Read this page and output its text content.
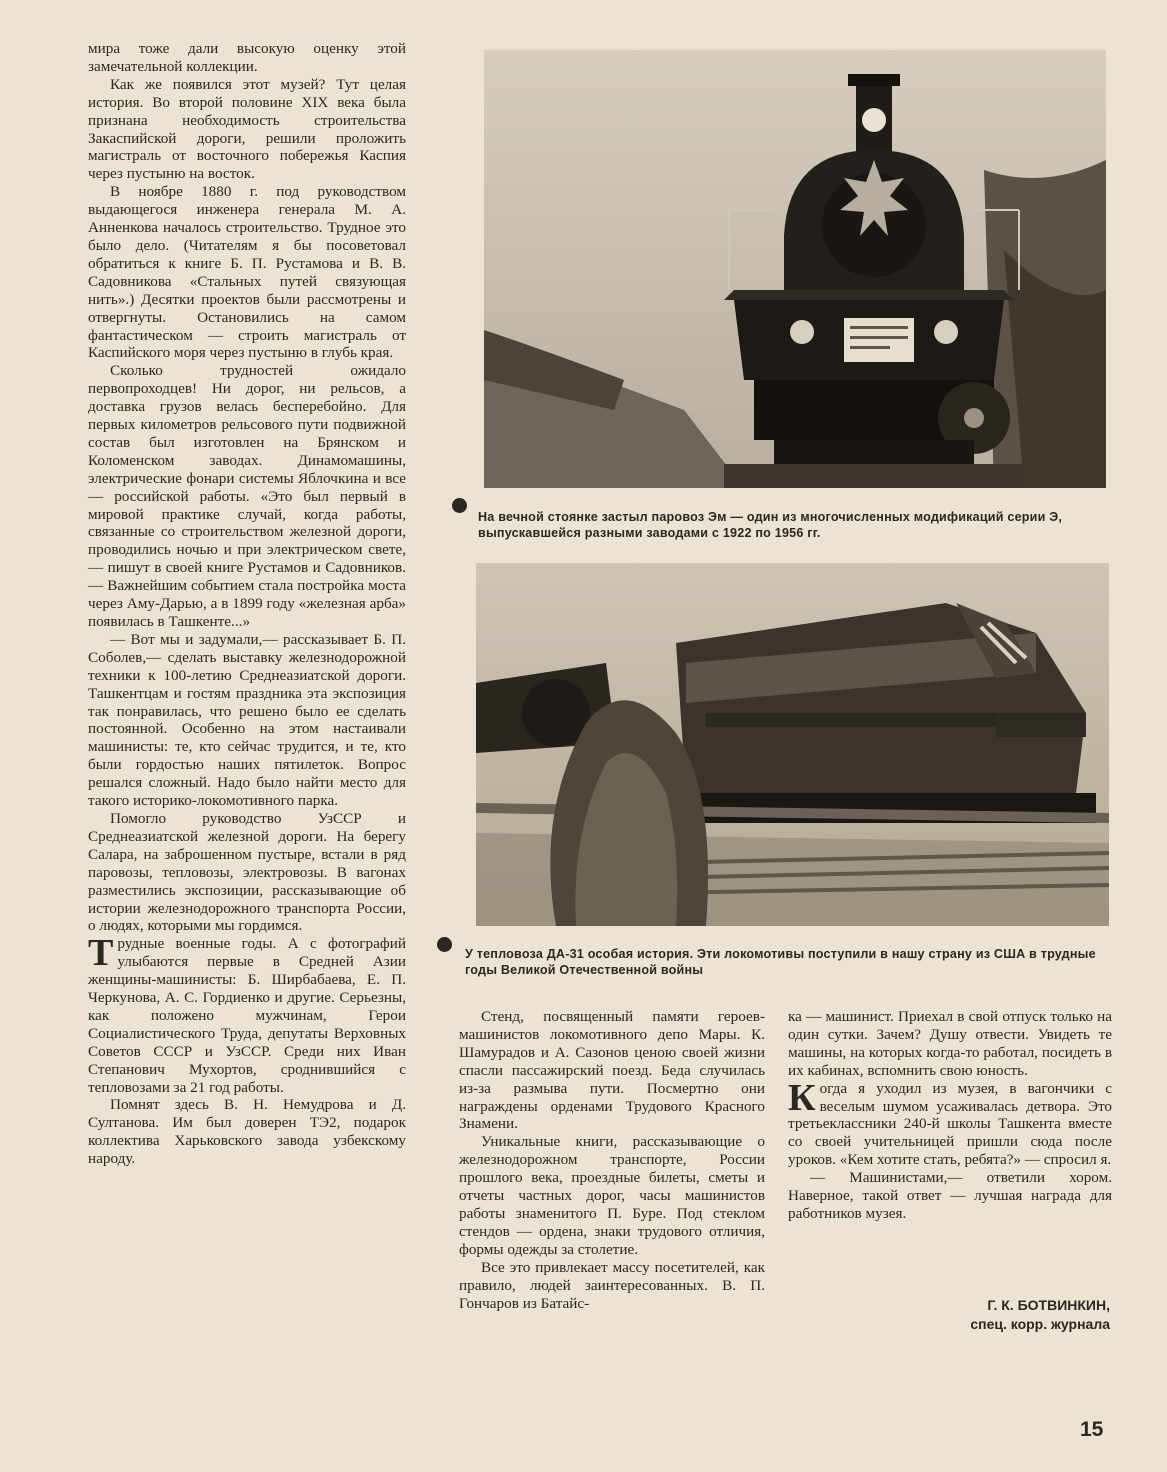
мира тоже дали высокую оценку этой замечательной коллекции.

Как же появился этот музей? Тут целая история. Во второй половине XIX века была признана необходимость строительства Закаспийской дороги, решили проложить магистраль от восточного побережья Каспия через пустыню на восток.

В ноябре 1880 г. под руководством выдающегося инженера генерала М. А. Анненкова началось строительство. Трудное это было дело. (Читателям я бы посоветовал обратиться к книге Б. П. Рустамова и В. В. Садовникова «Стальных путей связующая нить».) Десятки проектов были рассмотрены и отвергнуты. Остановились на самом фантастическом — строить магистраль от Каспийского моря через пустыню в глубь края.

Сколько трудностей ожидало первопроходцев! Ни дорог, ни рельсов, а доставка грузов велась бесперебойно. Для первых километров рельсового пути подвижной состав был изготовлен на Брянском и Коломенском заводах. Динамомашины, электрические фонари системы Яблочкина и все — российской работы. «Это был первый в мировой практике случай, когда работы, связанные со строительством железной дороги, проводились ночью и при электрическом свете,— пишут в своей книге Рустамов и Садовников.— Важнейшим событием стала постройка моста через Аму-Дарью, а в 1899 году «железная арба» появилась в Ташкенте...»

— Вот мы и задумали,— рассказывает Б. П. Соболев,— сделать выставку железнодорожной техники к 100-летию Среднеазиатской дороги. Ташкентцам и гостям праздника эта экспозиция так понравилась, что решено было ее сделать постоянной. Особенно на этом настаивали машинисты: те, кто сейчас трудится, и те, кто были гордостью наших пятилеток. Вопрос решался сложный. Надо было найти место для такого историко-локомотивного парка.

Помогло руководство УзССР и Среднеазиатской железной дороги. На берегу Салара, на заброшенном пустыре, встали в ряд паровозы, тепловозы, электровозы. В вагонах разместились экспозиции, рассказывающие об истории железнодорожного транспорта России, о людях, которыми мы гордимся.

Трудные военные годы. А с фотографий улыбаются первые в Средней Азии женщины-машинисты: Б. Ширбабаева, Е. П. Черкунова, А. С. Гордиенко и другие. Серьезны, как положено мужчинам, Герои Социалистического Труда, депутаты Верховных Советов СССР и УзССР. Среди них Иван Степанович Мухортов, сроднившийся с тепловозами за 21 год работы.

Помнят здесь В. Н. Немудрова и Д. Султанова. Им был доверен ТЭ2, подарок коллектива Харьковского завода узбекскому народу.

На вечной стоянке застыл паровоз Эм — один из многочисленных модификаций серии Э, выпускавшейся разными заводами с 1922 по 1956 гг.
У тепловоза ДА-31 особая история. Эти локомотивы поступили в нашу страну из США в трудные годы Великой Отечественной войны

Стенд, посвященный памяти героев-машинистов локомотивного депо Мары. К. Шамурадов и А. Сазонов ценою своей жизни спасли пассажирский поезд. Беда случилась из-за размыва пути. Посмертно они награждены орденами Трудового Красного Знамени.

Уникальные книги, рассказывающие о железнодорожном транспорте, России прошлого века, проездные билеты, сметы и отчеты частных дорог, часы машинистов работы знаменитого П. Буре. Под стеклом стендов — ордена, знаки трудового отличия, формы одежды за столетие.

Все это привлекает массу посетителей, как правило, людей заинтересованных. В. П. Гончаров из Батайс-

ка — машинист. Приехал в свой отпуск только на один сутки. Зачем? Душу отвести. Увидеть те машины, на которых когда-то работал, посидеть в их кабинах, вспомнить свою юность.

Когда я уходил из музея, в вагончики с веселым шумом усаживалась детвора. Это третьеклассники 240-й школы Ташкента вместе со своей учительницей пришли сюда после уроков. «Кем хотите стать, ребята?» — спросил я.

— Машинистами,— ответили хором. Наверное, такой ответ — лучшая награда для работников музея.

Г. К. БОТВИНКИН,
спец. корр. журнала
15
